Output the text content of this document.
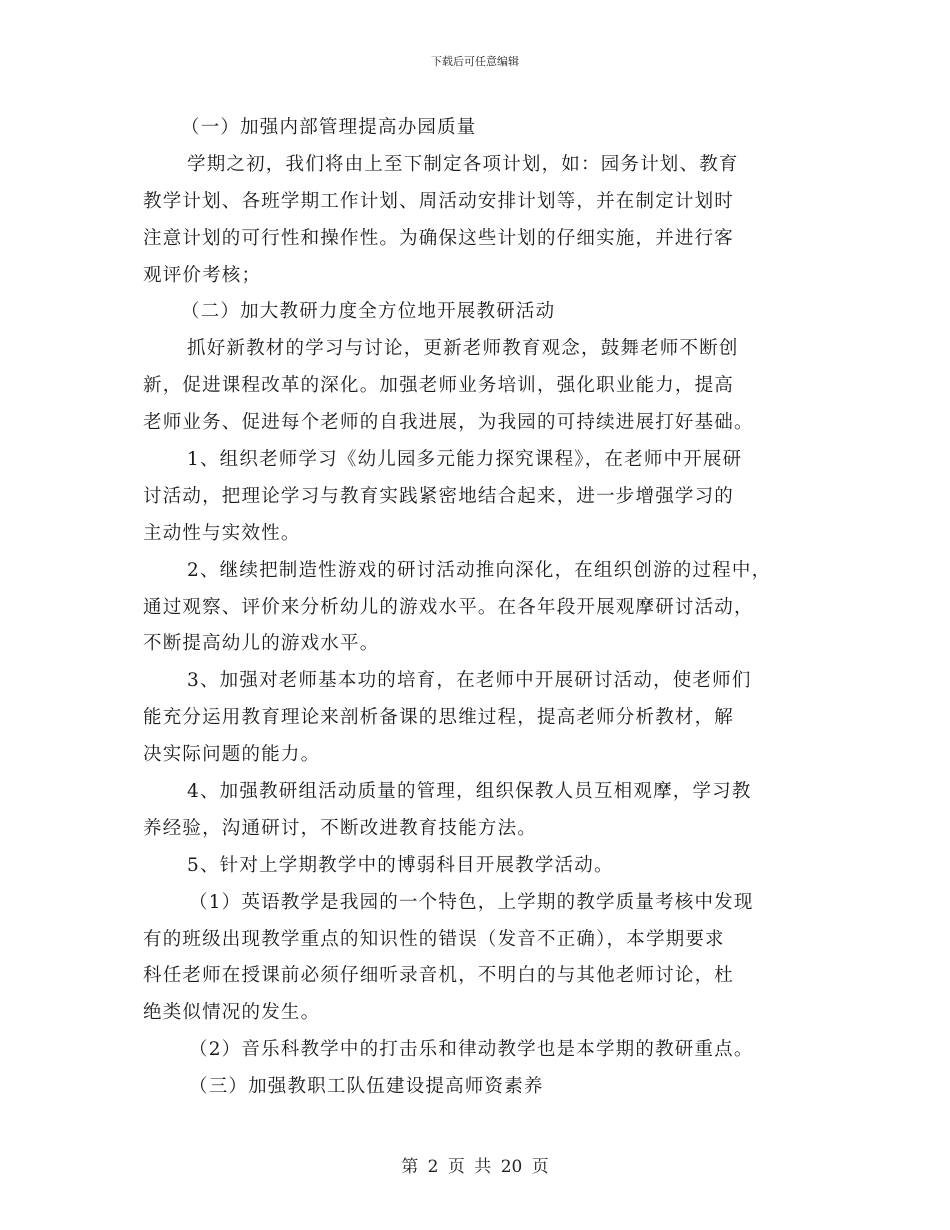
下载后可任意编辑
（一）加强内部管理提高办园质量
学期之初，我们将由上至下制定各项计划，如：园务计划、教育
教学计划、各班学期工作计划、周活动安排计划等，并在制定计划时
注意计划的可行性和操作性。为确保这些计划的仔细实施，并进行客
观评价考核；
（二）加大教研力度全方位地开展教研活动
抓好新教材的学习与讨论，更新老师教育观念，鼓舞老师不断创
新，促进课程改革的深化。加强老师业务培训，强化职业能力，提高
老师业务、促进每个老师的自我进展，为我园的可持续进展打好基础。
1、组织老师学习《幼儿园多元能力探究课程》，在老师中开展研
讨活动，把理论学习与教育实践紧密地结合起来，进一步增强学习的
主动性与实效性。
2、继续把制造性游戏的研讨活动推向深化，在组织创游的过程中，
通过观察、评价来分析幼儿的游戏水平。在各年段开展观摩研讨活动，
不断提高幼儿的游戏水平。
3、加强对老师基本功的培育，在老师中开展研讨活动，使老师们
能充分运用教育理论来剖析备课的思维过程，提高老师分析教材，解
决实际问题的能力。
4、加强教研组活动质量的管理，组织保教人员互相观摩，学习教
养经验，沟通研讨，不断改进教育技能方法。
5、针对上学期教学中的博弱科目开展教学活动。
（1）英语教学是我园的一个特色，上学期的教学质量考核中发现
有的班级出现教学重点的知识性的错误（发音不正确），本学期要求
科任老师在授课前必须仔细听录音机，不明白的与其他老师讨论，杜
绝类似情况的发生。
（2）音乐科教学中的打击乐和律动教学也是本学期的教研重点。
（三）加强教职工队伍建设提高师资素养
第 2 页 共 20 页
